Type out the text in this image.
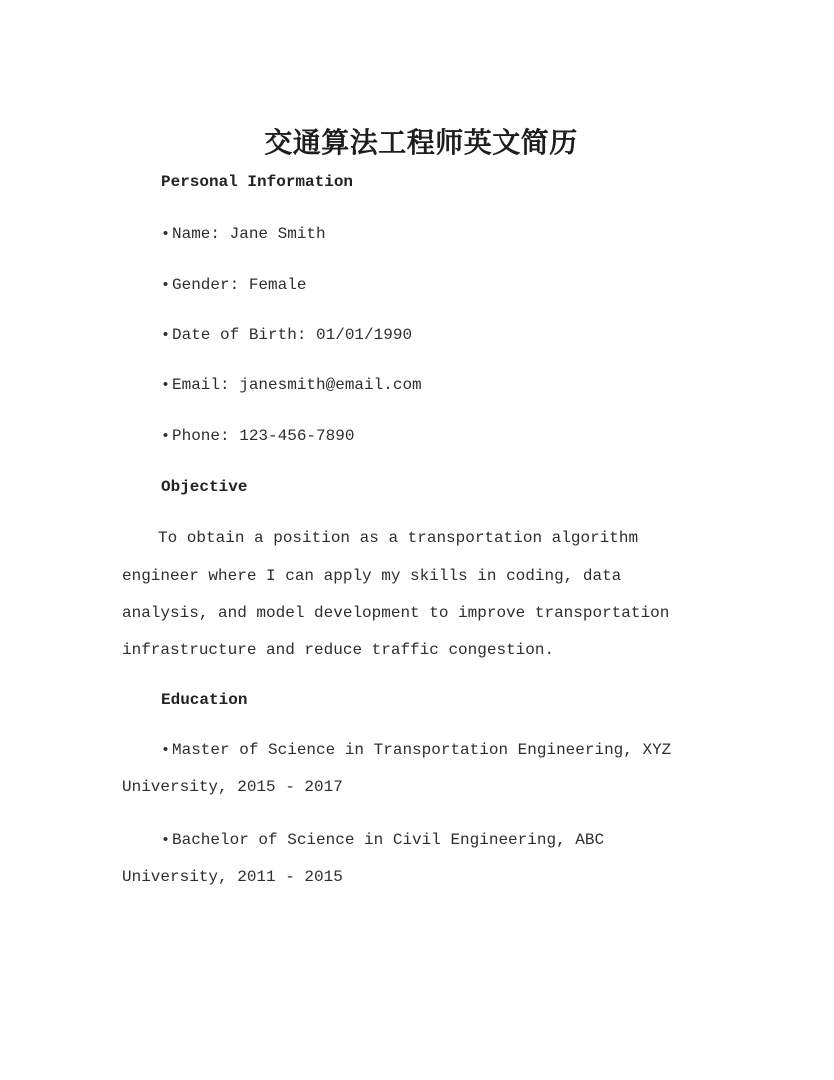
交通算法工程师英文简历
Personal Information
• Name: Jane Smith
• Gender: Female
• Date of Birth: 01/01/1990
• Email: janesmith@email.com
• Phone: 123-456-7890
Objective
To obtain a position as a transportation algorithm
engineer where I can apply my skills in coding, data
analysis, and model development to improve transportation
infrastructure and reduce traffic congestion.
Education
• Master of Science in Transportation Engineering, XYZ
University, 2015 - 2017
• Bachelor of Science in Civil Engineering, ABC
University, 2011 - 2015
